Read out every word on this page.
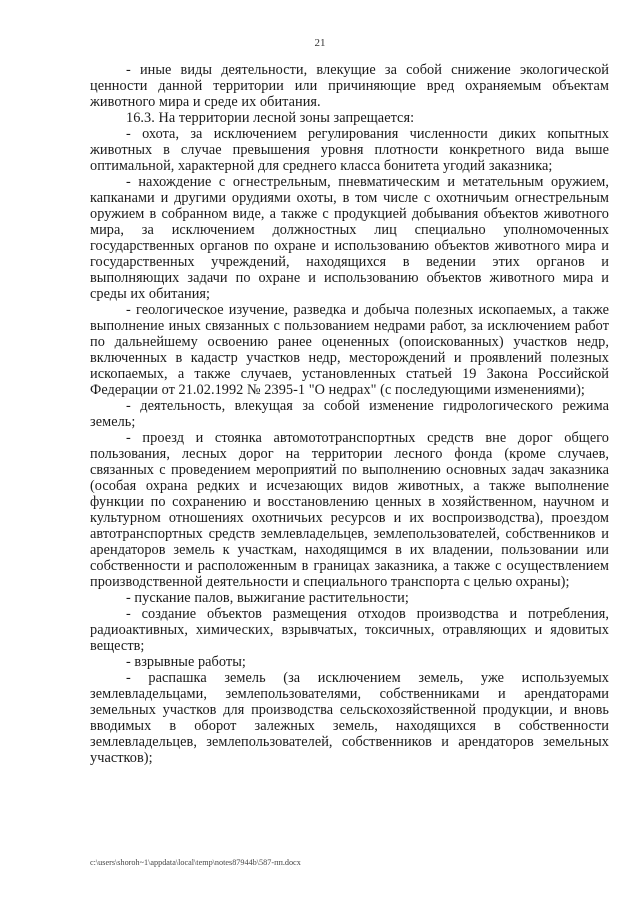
21

- иные виды деятельности, влекущие за собой снижение экологической ценности данной территории или причиняющие вред охраняемым объектам животного мира и среде их обитания.

16.3. На территории лесной зоны запрещается:

- охота, за исключением регулирования численности диких копытных животных в случае превышения уровня плотности конкретного вида выше оптимальной, характерной для среднего класса бонитета угодий заказника;

- нахождение с огнестрельным, пневматическим и метательным оружием, капканами и другими орудиями охоты, в том числе с охотничьим огнестрельным оружием в собранном виде, а также с продукцией добывания объектов животного мира, за исключением должностных лиц специально уполномоченных государственных органов по охране и использованию объектов животного мира и государственных учреждений, находящихся в ведении этих органов и выполняющих задачи по охране и использованию объектов животного мира и среды их обитания;

- геологическое изучение, разведка и добыча полезных ископаемых, а также выполнение иных связанных с пользованием недрами работ, за исключением работ по дальнейшему освоению ранее оцененных (опоискованных) участков недр, включенных в кадастр участков недр, месторождений и проявлений полезных ископаемых, а также случаев, установленных статьей 19 Закона Российской Федерации от 21.02.1992 № 2395-1 "О недрах" (с последующими изменениями);

- деятельность, влекущая за собой изменение гидрологического режима земель;

- проезд и стоянка автомототранспортных средств вне дорог общего пользования, лесных дорог на территории лесного фонда (кроме случаев, связанных с проведением мероприятий по выполнению основных задач заказника (особая охрана редких и исчезающих видов животных, а также выполнение функции по сохранению и восстановлению ценных в хозяйственном, научном и культурном отношениях охотничьих ресурсов и их воспроизводства), проездом автотранспортных средств землевладельцев, землепользователей, собственников и арендаторов земель к участкам, находящимся в их владении, пользовании или собственности и расположенным в границах заказника, а также с осуществлением производственной деятельности и специального транспорта с целью охраны);

- пускание палов, выжигание растительности;

- создание объектов размещения отходов производства и потребления, радиоактивных, химических, взрывчатых, токсичных, отравляющих и ядовитых веществ;

- взрывные работы;

- распашка земель (за исключением земель, уже используемых землевладельцами, землепользователями, собственниками и арендаторами земельных участков для производства сельскохозяйственной продукции, и вновь вводимых в оборот залежных земель, находящихся в собственности землевладельцев, землепользователей, собственников и арендаторов земельных участков);

c:\users\shoroh~1\appdata\local\temp\notes87944b\587-пп.docx
